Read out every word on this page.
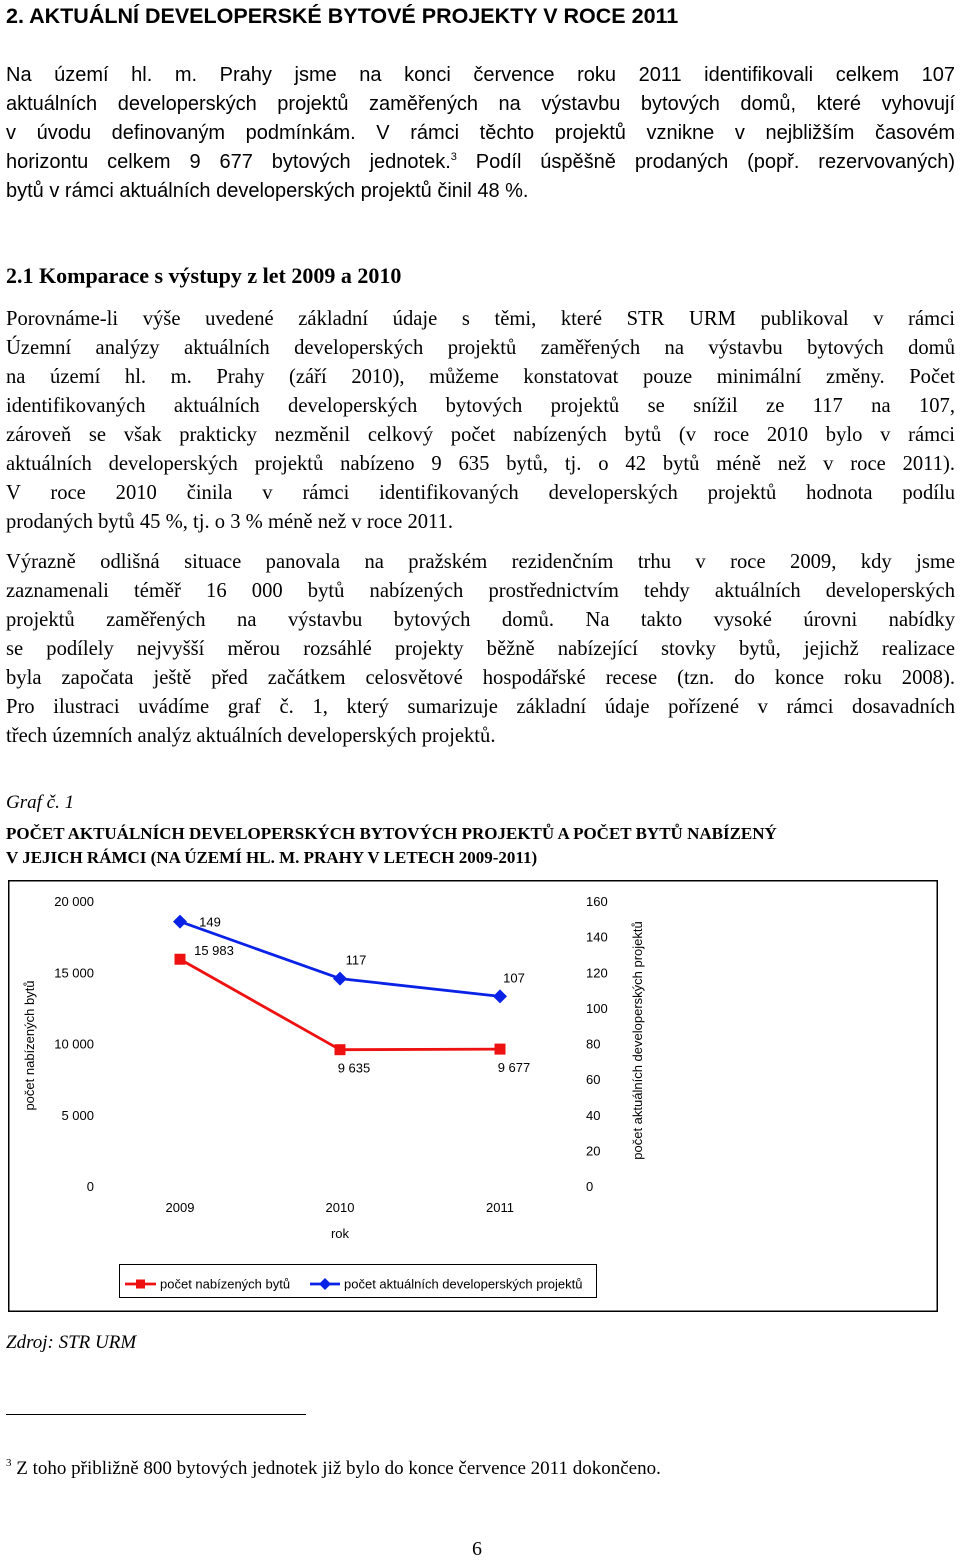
2. AKTUÁLNÍ DEVELOPERSKÉ BYTOVÉ PROJEKTY V ROCE 2011
Na území hl. m. Prahy jsme na konci července roku 2011 identifikovali celkem 107
aktuálních developerských projektů zaměřených na výstavbu bytových domů, které vyhovují
v úvodu definovaným podmínkám. V rámci těchto projektů vznikne v nejbližším časovém
horizontu celkem 9 677 bytových jednotek.$^3$ Podíl úspěšně prodaných (popř. rezervovaných)
bytů v rámci aktuálních developerských projektů činil 48 %.
2.1 Komparace s výstupy z let 2009 a 2010
Porovnáme-li výše uvedené základní údaje s těmi, které STR URM publikoval v rámci
Územní analýzy aktuálních developerských projektů zaměřených na výstavbu bytových domů
na území hl. m. Prahy (září 2010), můžeme konstatovat pouze minimální změny. Počet
identifikovaných aktuálních developerských bytových projektů se snížil ze 117 na 107,
zároveň se však prakticky nezměnil celkový počet nabízených bytů (v roce 2010 bylo v rámci
aktuálních developerských projektů nabízeno 9 635 bytů, tj. o 42 bytů méně než v roce 2011).
V roce 2010 činila v rámci identifikovaných developerských projektů hodnota podílu
prodaných bytů 45 %, tj. o 3 % méně než v roce 2011.
Výrazně odlišná situace panovala na pražském rezidenčním trhu v roce 2009, kdy jsme
zaznamenali téměř 16 000 bytů nabízených prostřednictvím tehdy aktuálních developerských
projektů zaměřených na výstavbu bytových domů. Na takto vysoké úrovni nabídky
se podílely nejvyšší měrou rozsáhlé projekty běžně nabízející stovky bytů, jejichž realizace
byla započata ještě před začátkem celosvětové hospodářské recese (tzn. do konce roku 2008).
Pro ilustraci uvádíme graf č. 1, který sumarizuje základní údaje pořízené v rámci dosavadních
třech územních analýz aktuálních developerských projektů.
Graf č. 1
POČET AKTUÁLNÍCH DEVELOPERSKÝCH BYTOVÝCH PROJEKTŮ A POČET BYTŮ NABÍZENÝ
V JEJICH RÁMCI (NA ÚZEMÍ HL. M. PRAHY V LETECH 2009-2011)
0
5 000
10 000
15 000
20 000
0
20
40
60
80
100
120
140
160
2009	2010	2011
rok
počet nabízených bytů	počet aktuálních developerských projektů
15 983
9 635	9 677
149
117
107
počet nabízených bytů	počet aktuálních developerských projektů
Zdroj: STR URM
$^3$ Z toho přibližně 800 bytových jednotek již bylo do konce července 2011 dokončeno.
6
